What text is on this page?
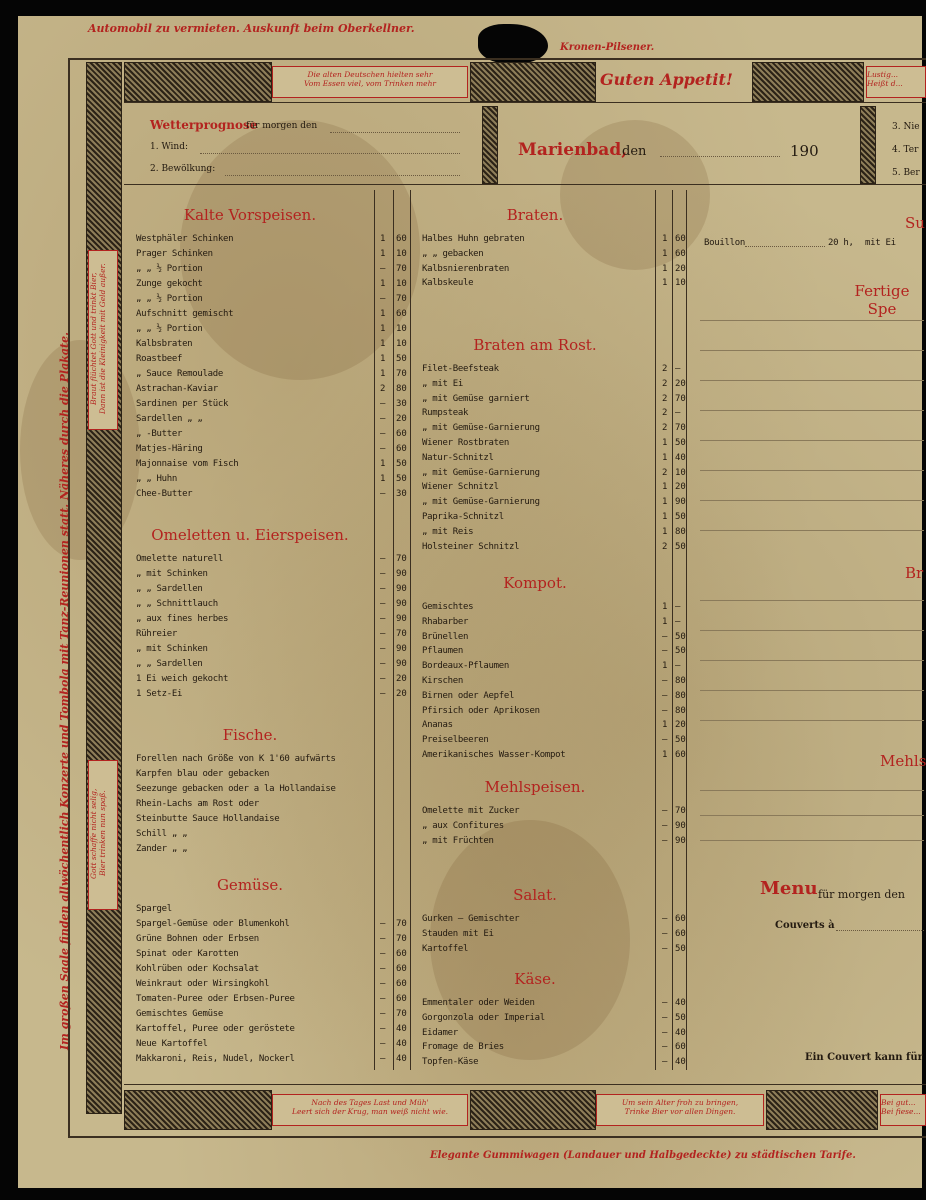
Automobil zu vermieten. Auskunft beim Oberkellner.
Kronen-Pilsener.
Elegante Gummiwagen (Landauer und Halbgedeckte) zu städtischen Tarife.
Im großen Saale finden allwöchentlich Konzerte und Tombola mit Tanz-Reunionen statt. Näheres durch die Plakate. Braut flüchtet Gott und trinkt Bier,
Dann ist die Kleinigkeit mit Geld außer.
Gott schaffe nicht selig,
Bier trinken nun spaß.
Die alten Deutschen hielten sehr
Vom Essen viel, vom Trinken mehr	Guten Appetit!	Lustig...
Heißt d...
Wetterprognose
für morgen den
1. Wind:
2. Bewölkung:
Marienbad,
den	190
3. Nie
4. Ter
5. Ber
Kalte Vorspeisen.
Westphäler Schinken	1 60
Prager Schinken	1 10
„ „ ½ Portion	— 70
Zunge gekocht	1 10
„ „ ½ Portion	— 70
Aufschnitt gemischt	1 60
„ „ ½ Portion	1 10
Kalbsbraten	1 10
Roastbeef	1 50
„ Sauce Remoulade	1 70
Astrachan-Kaviar	2 80
Sardinen per Stück	— 30
Sardellen „ „	— 20
„ -Butter	— 60
Matjes-Häring	— 60
Majonnaise vom Fisch	1 50
„ „ Huhn	1 50
Chee-Butter	— 30
Omeletten u. Eierspeisen.
Omelette naturell	— 70
„ mit Schinken	— 90
„ „ Sardellen	— 90
„ „ Schnittlauch	— 90
„ aux fines herbes	— 90
Rühreier	— 70
„ mit Schinken	— 90
„ „ Sardellen	— 90
1 Ei weich gekocht	— 20
1 Setz-Ei	— 20
Fische.
Forellen nach Größe von K 1'60 aufwärts
Karpfen blau oder gebacken
Seezunge gebacken oder a la Hollandaise
Rhein-Lachs am Rost oder
Steinbutte Sauce Hollandaise
Schill „ „
Zander „ „
Gemüse.
Spargel
Spargel-Gemüse oder Blumenkohl	— 70
Grüne Bohnen oder Erbsen	— 70
Spinat oder Karotten	— 60
Kohlrüben oder Kochsalat	— 60
Weinkraut oder Wirsingkohl	— 60
Tomaten-Puree oder Erbsen-Puree	— 60
Gemischtes Gemüse	— 70
Kartoffel, Puree oder geröstete	— 40
Neue Kartoffel	— 40
Makkaroni, Reis, Nudel, Nockerl	— 40
Braten.
Halbes Huhn gebraten	1 60
„ „ gebacken	1 60
Kalbsnierenbraten	1 20
Kalbskeule	1 10
Braten am Rost.
Filet-Beefsteak	2 —
„ mit Ei	2 20
„ mit Gemüse garniert	2 70
Rumpsteak	2 —
„ mit Gemüse-Garnierung	2 70
Wiener Rostbraten	1 50
Natur-Schnitzl	1 40
„ mit Gemüse-Garnierung	2 10
Wiener Schnitzl	1 20
„ mit Gemüse-Garnierung	1 90
Paprika-Schnitzl	1 50
„ mit Reis	1 80
Holsteiner Schnitzl	2 50
Kompot.
Gemischtes	1 —
Rhabarber	1 —
Brünellen	— 50
Pflaumen	— 50
Bordeaux-Pflaumen	1 —
Kirschen	— 80
Birnen oder Aepfel	— 80
Pfirsich oder Aprikosen	— 80
Ananas	1 20
Preiselbeeren	— 50
Amerikanisches Wasser-Kompot	1 60
Mehlspeisen.
Omelette mit Zucker	— 70
„ aux Confitures	— 90
„ mit Früchten	— 90
Salat.
Gurken — Gemischter	— 60
Stauden mit Ei	— 60
Kartoffel	— 50
Käse.
Emmentaler oder Weiden	— 40
Gorgonzola oder Imperial	— 50
Eidamer	— 40
Fromage de Bries	— 60
Topfen-Käse	— 40
Su
Bouillon	20 h, mit Ei
Fertige Spe
Br
Mehls
Menu für morgen den
Couverts à
Ein Couvert kann für
Nach des Tages Last und Müh'
Leert sich der Krug, man weiß nicht wie.
Um sein Alter froh zu bringen,
Trinke Bier vor allen Dingen.
Bei gut...
Bei fiese...
